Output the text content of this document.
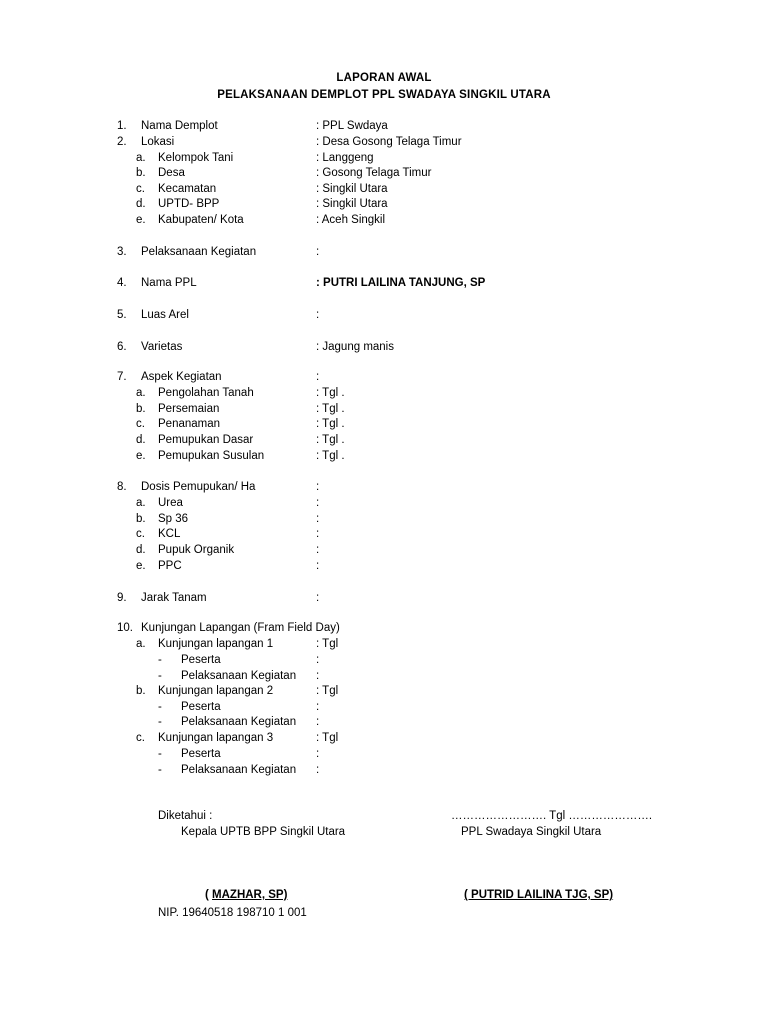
LAPORAN AWAL
PELAKSANAAN DEMPLOT PPL SWADAYA SINGKIL UTARA
1. Nama Demplot	: PPL Swdaya
2. Lokasi	: Desa Gosong Telaga Timur
a. Kelompok Tani	: Langgeng
b. Desa	: Gosong Telaga Timur
c. Kecamatan	: Singkil Utara
d. UPTD- BPP	: Singkil Utara
e. Kabupaten/ Kota	: Aceh Singkil
3. Pelaksanaan Kegiatan	:
4. Nama PPL	: PUTRI LAILINA TANJUNG, SP
5. Luas Arel	:
6. Varietas	: Jagung manis
7. Aspek Kegiatan	:
a. Pengolahan Tanah	: Tgl .
b. Persemaian	: Tgl .
c. Penanaman	: Tgl .
d. Pemupukan Dasar	: Tgl .
e. Pemupukan Susulan	: Tgl .
8. Dosis Pemupukan/ Ha	:
a. Urea	:
b. Sp 36	:
c. KCL	:
d. Pupuk Organik	:
e. PPC	:
9. Jarak Tanam	:
10. Kunjungan Lapangan (Fram Field Day)
a. Kunjungan lapangan 1	: Tgl
- Peserta	:
- Pelaksanaan Kegiatan :
b. Kunjungan lapangan 2	: Tgl
- Peserta	:
- Pelaksanaan Kegiatan :
c. Kunjungan lapangan 3	: Tgl
- Peserta	:
- Pelaksanaan Kegiatan :
Diketahui :
Kepala UPTB BPP Singkil Utara
……………………. Tgl ………………….
PPL Swadaya Singkil Utara
( MAZHAR, SP)	( PUTRID LAILINA TJG, SP)
NIP. 19640518 198710 1 001
